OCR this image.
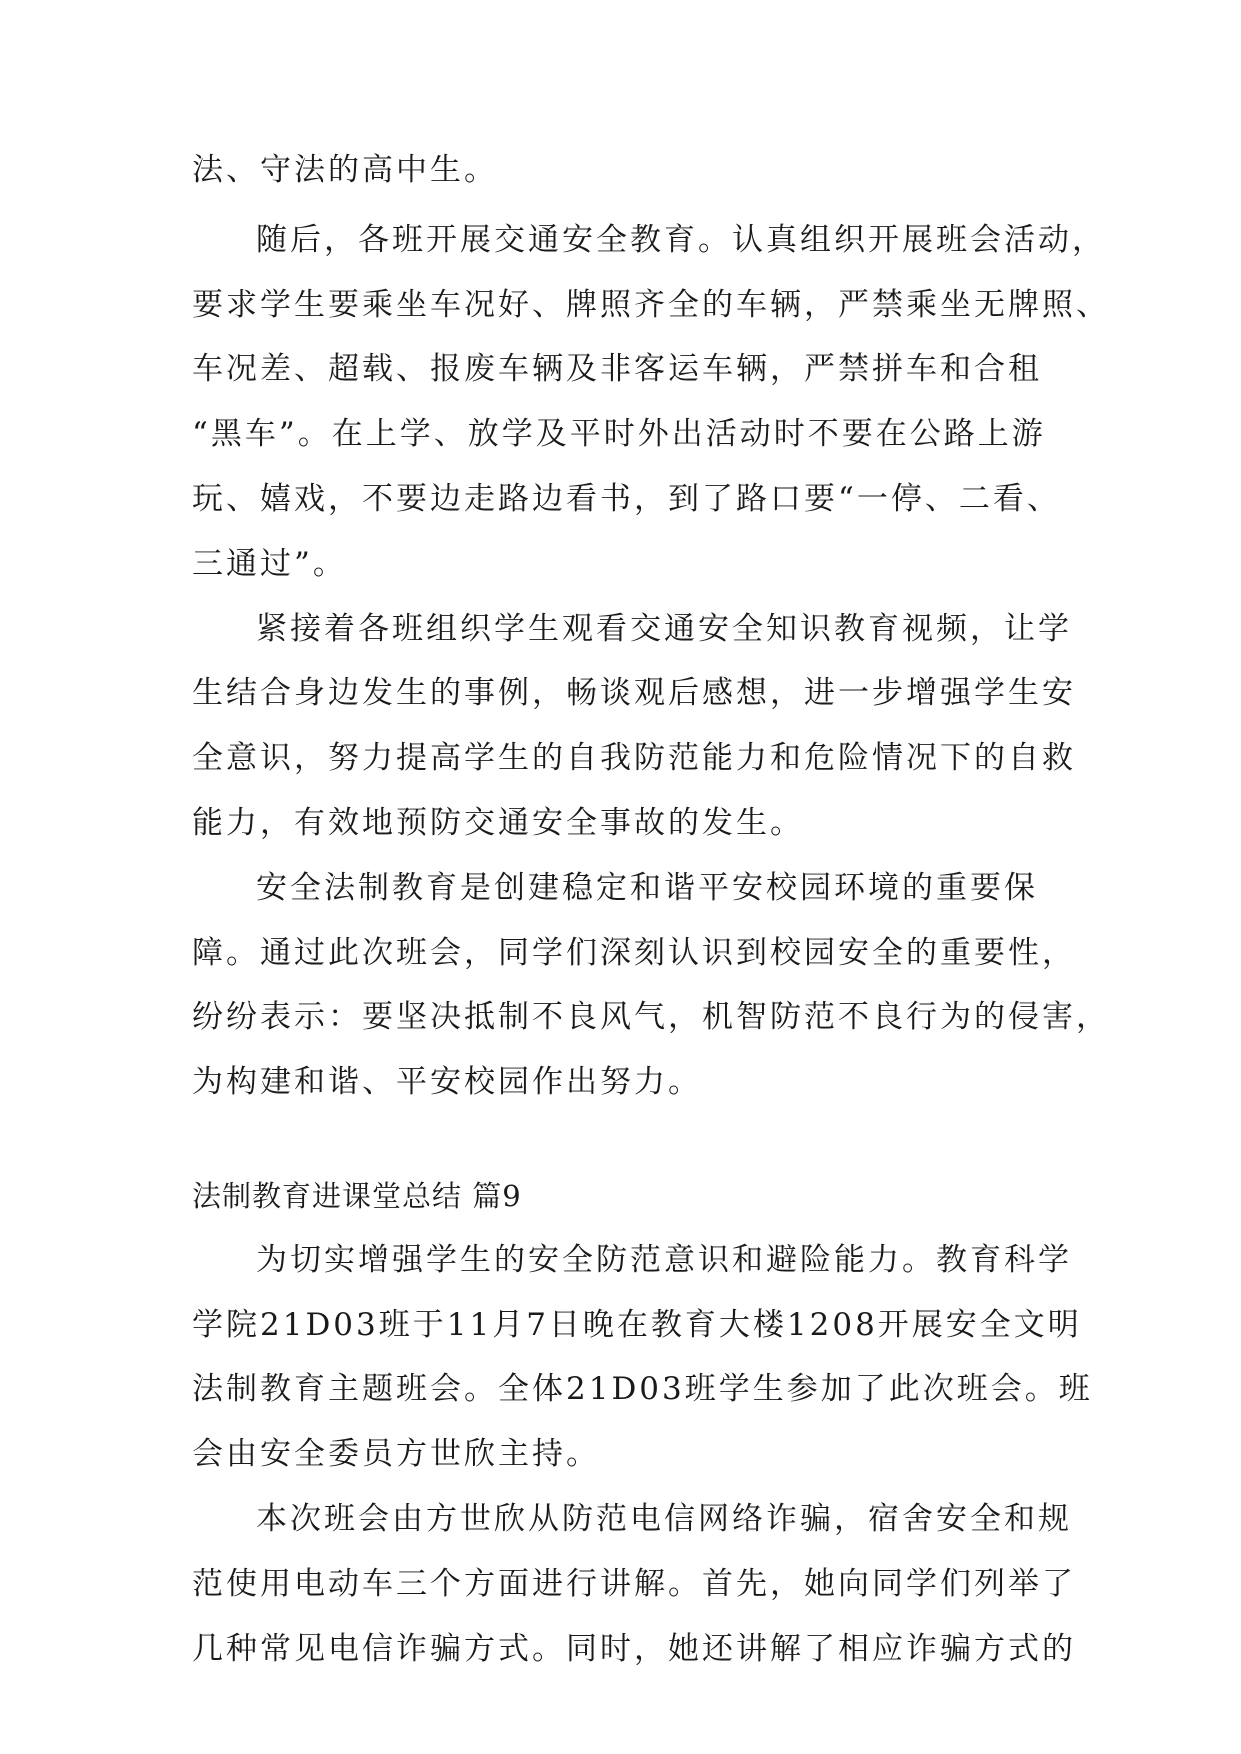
法、守法的高中生。
随后，各班开展交通安全教育。认真组织开展班会活动，
要求学生要乘坐车况好、牌照齐全的车辆，严禁乘坐无牌照、
车况差、超载、报废车辆及非客运车辆，严禁拼车和合租
“黑车”。在上学、放学及平时外出活动时不要在公路上游
玩、嬉戏，不要边走路边看书，到了路口要“一停、二看、
三通过”。
紧接着各班组织学生观看交通安全知识教育视频，让学
生结合身边发生的事例，畅谈观后感想，进一步增强学生安
全意识，努力提高学生的自我防范能力和危险情况下的自救
能力，有效地预防交通安全事故的发生。
安全法制教育是创建稳定和谐平安校园环境的重要保
障。通过此次班会，同学们深刻认识到校园安全的重要性，
纷纷表示：要坚决抵制不良风气，机智防范不良行为的侵害，
为构建和谐、平安校园作出努力。
法制教育进课堂总结 篇9
为切实增强学生的安全防范意识和避险能力。教育科学
学院21D03班于11月7日晚在教育大楼1208开展安全文明
法制教育主题班会。全体21D03班学生参加了此次班会。班
会由安全委员方世欣主持。
本次班会由方世欣从防范电信网络诈骗，宿舍安全和规
范使用电动车三个方面进行讲解。首先，她向同学们列举了
几种常见电信诈骗方式。同时，她还讲解了相应诈骗方式的
